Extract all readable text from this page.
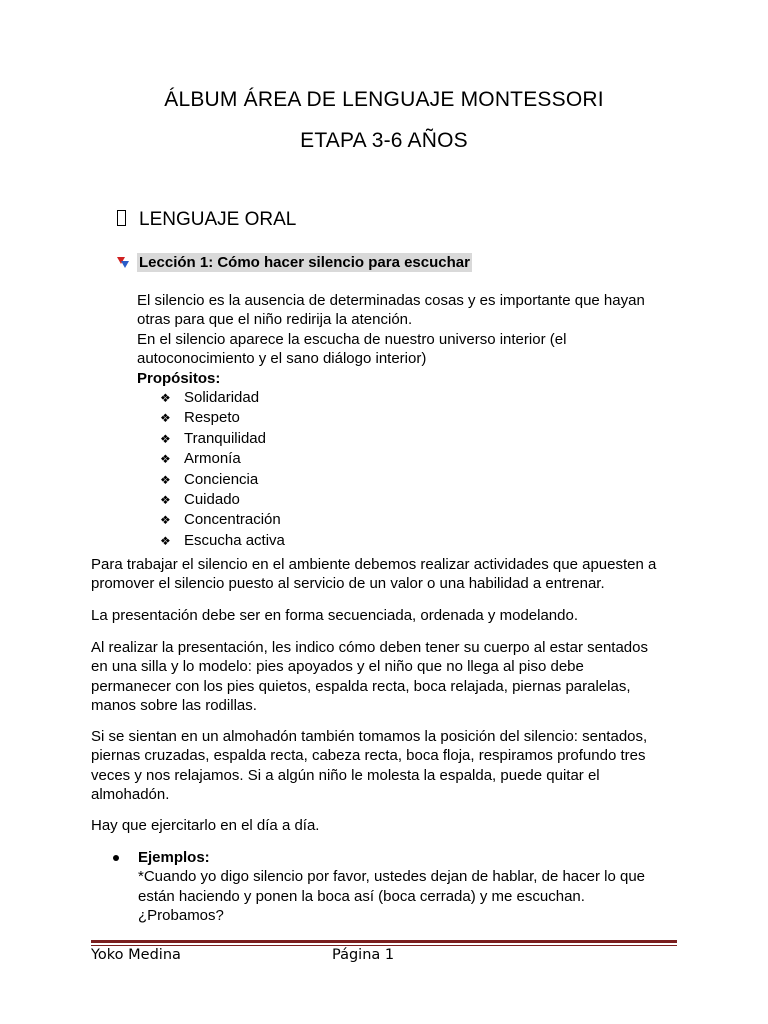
ÁLBUM ÁREA DE LENGUAJE MONTESSORI
ETAPA 3-6 AÑOS
LENGUAJE ORAL
Lección 1: Cómo hacer silencio para escuchar

El silencio es la ausencia de determinadas cosas y es importante que hayan

otras para que el niño redirija la atención.

En el silencio aparece la escucha de nuestro universo interior (el

autoconocimiento y el sano diálogo interior)

Propósitos:

❖ Solidaridad
❖ Respeto
❖ Tranquilidad
❖ Armonía
❖ Conciencia
❖ Cuidado
❖ Concentración
❖ Escucha activa
Para trabajar el silencio en el ambiente debemos realizar actividades que apuesten a
promover el silencio puesto al servicio de un valor o una habilidad a entrenar.
La presentación debe ser en forma secuenciada, ordenada y modelando.
Al realizar la presentación, les indico cómo deben tener su cuerpo al estar sentados
en una silla y lo modelo: pies apoyados y el niño que no llega al piso debe
permanecer con los pies quietos, espalda recta, boca relajada, piernas paralelas,
manos sobre las rodillas.
Si se sientan en un almohadón también tomamos la posición del silencio: sentados,
piernas cruzadas, espalda recta, cabeza recta, boca floja, respiramos profundo tres
veces y nos relajamos. Si a algún niño le molesta la espalda, puede quitar el
almohadón.
Hay que ejercitarlo en el día a día.
Ejemplos:
*Cuando yo digo silencio por favor, ustedes dejan de hablar, de hacer lo que
están haciendo y ponen la boca así (boca cerrada) y me escuchan.
¿Probamos?
Yoko Medina	Página 1
